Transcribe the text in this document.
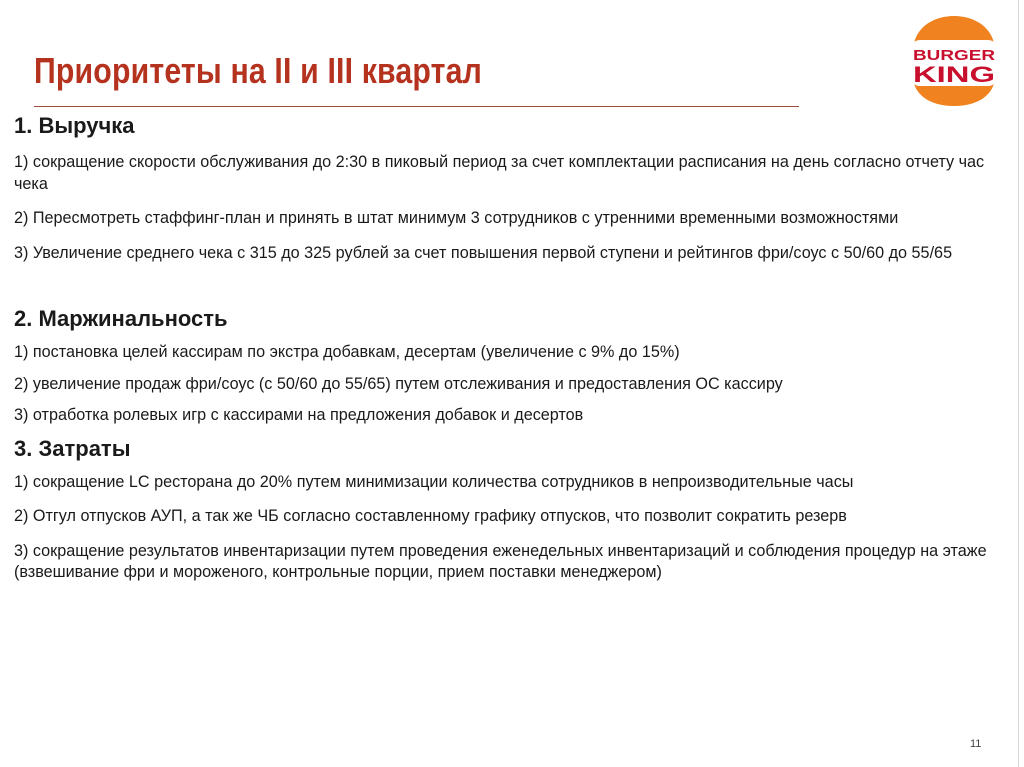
Приоритеты на II и III квартал	BURGER
KING
1. Выручка

1) сокращение скорости обслуживания до 2:30 в пиковый период за счет комплектации расписания на день согласно отчету час чека

2) Пересмотреть стаффинг-план и принять в штат минимум 3 сотрудников с утренними временными возможностями

3) Увеличение среднего чека с 315 до 325 рублей за счет повышения первой ступени и рейтингов фри/соус с 50/60 до 55/65

2. Маржинальность

1) постановка целей кассирам по экстра добавкам, десертам (увеличение с 9% до 15%)

2) увеличение продаж фри/соус (с 50/60 до 55/65) путем отслеживания и предоставления ОС кассиру

3) отработка ролевых игр с кассирами на предложения добавок и десертов

3. Затраты

1) сокращение LC ресторана до 20% путем минимизации количества сотрудников в непроизводительные часы

2) Отгул отпусков АУП, а так же ЧБ согласно составленному графику отпусков, что позволит сократить резерв

3) сокращение результатов инвентаризации путем проведения еженедельных инвентаризаций и соблюдения процедур на этаже (взвешивание фри и мороженого, контрольные порции, прием поставки менеджером)

11
